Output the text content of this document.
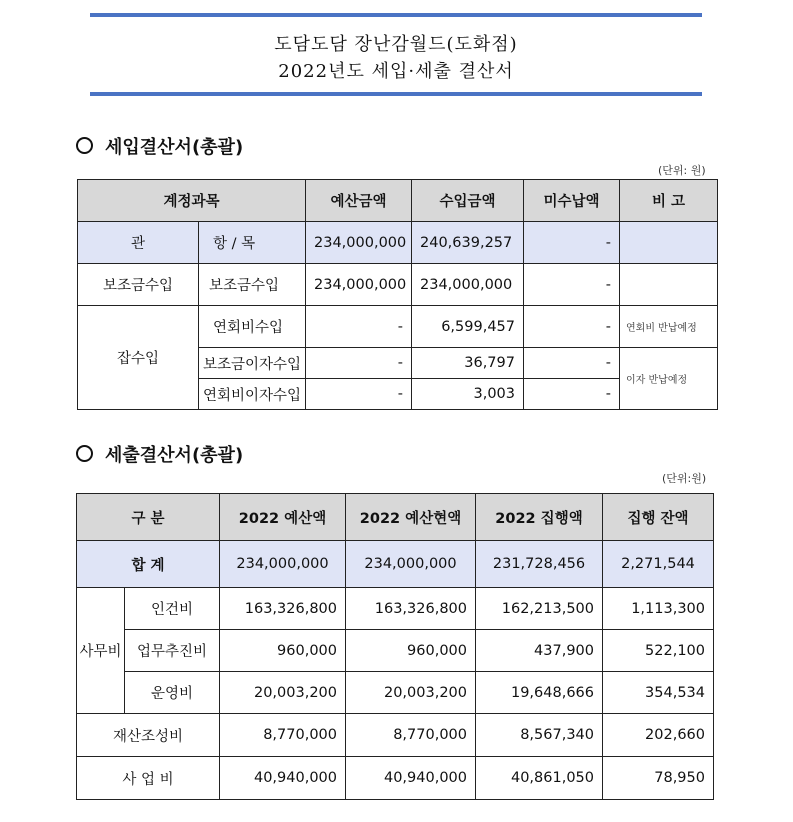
도담도담 장난감월드(도화점)
2022년도 세입·세출 결산서
세입결산서(총괄)
(단위: 원)
계정과목		예산금액	수입금액	미수납액	비 고
관	항 / 목	234,000,000	240,639,257	-	
보조금수입	보조금수입	234,000,000	234,000,000	-	
잡수입	연회비수입	-	6,599,457	-	연회비 반납예정
	보조금이자수입	-	36,797	-	이자 반납예정
	연회비이자수입	-	3,003	-	
세출결산서(총괄)
(단위:원)
구 분		2022 예산액	2022 예산현액	2022 집행액	집행 잔액
합 계		234,000,000	234,000,000	231,728,456	2,271,544
사무비	인건비	163,326,800	163,326,800	162,213,500	1,113,300
	업무추진비	960,000	960,000	437,900	522,100
	운영비	20,003,200	20,003,200	19,648,666	354,534
재산조성비		8,770,000	8,770,000	8,567,340	202,660
사 업 비		40,940,000	40,940,000	40,861,050	78,950
